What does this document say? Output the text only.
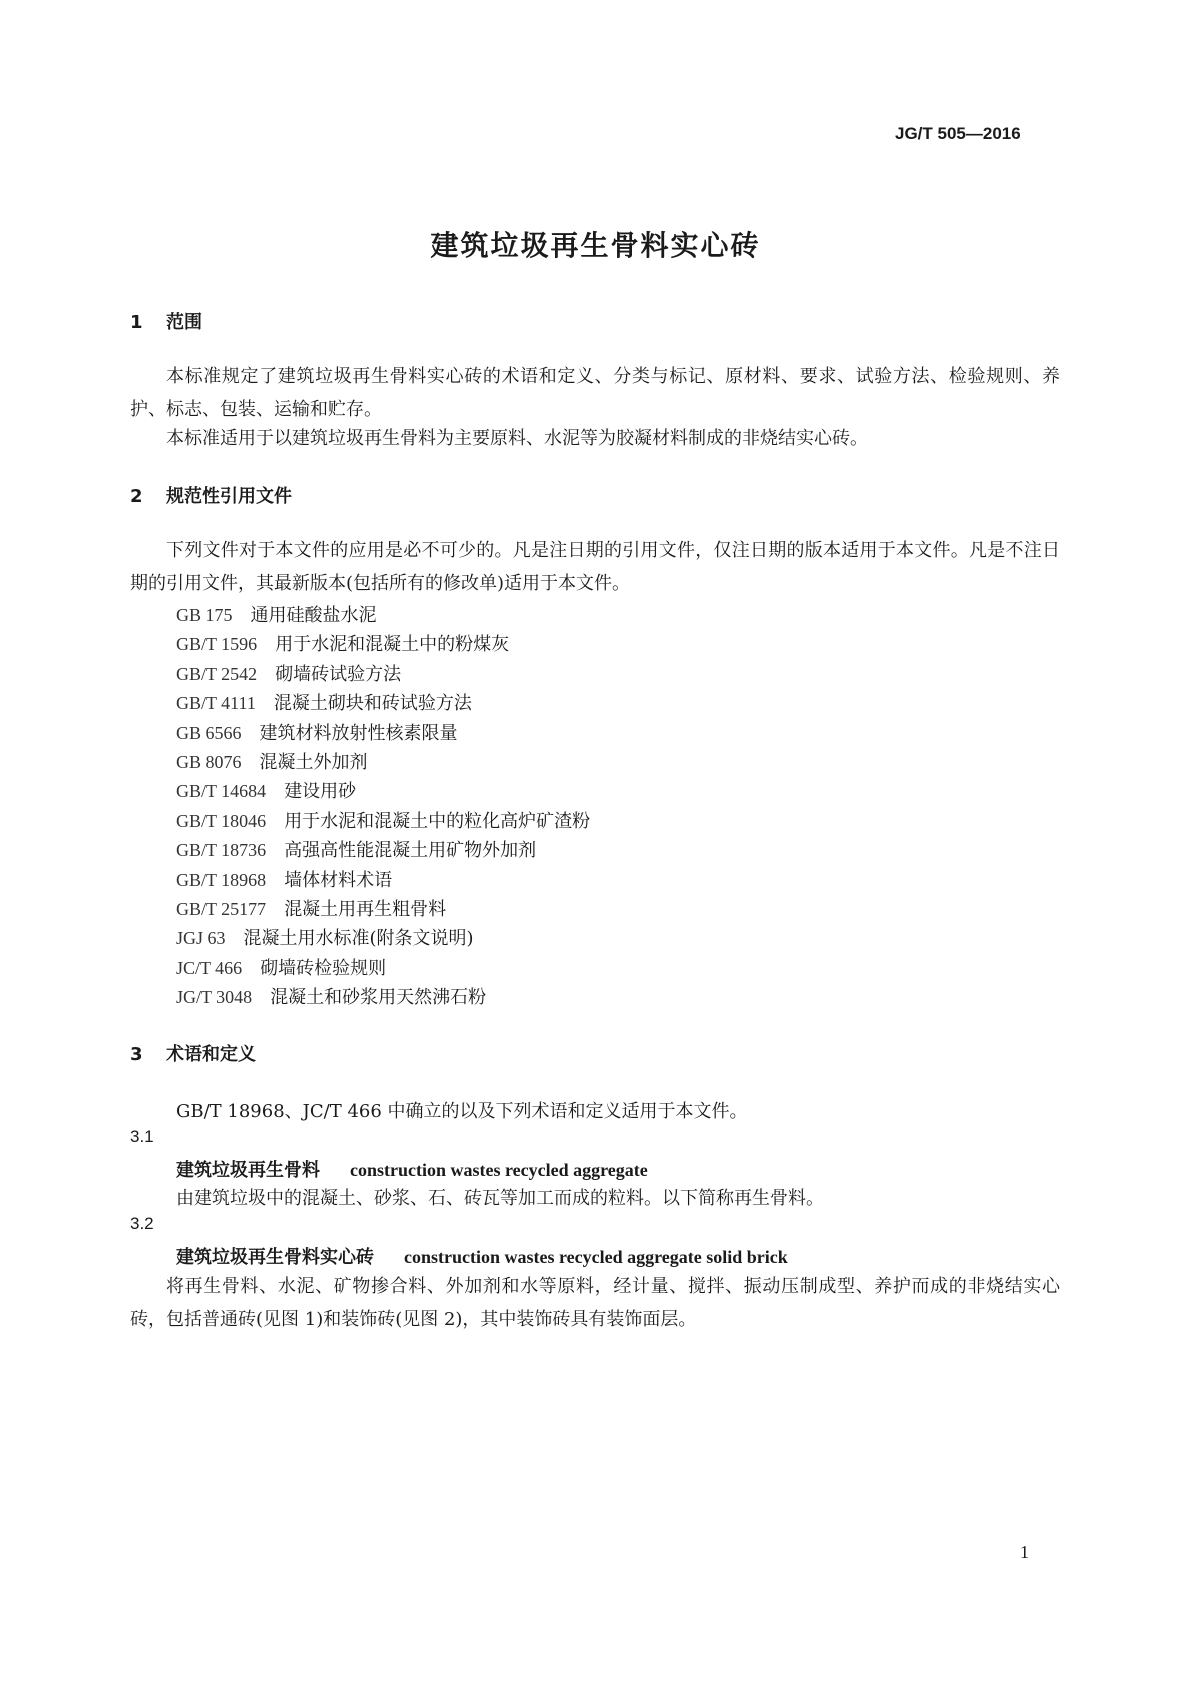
JG/T 505—2016
建筑垃圾再生骨料实心砖
1 范围
本标准规定了建筑垃圾再生骨料实心砖的术语和定义、分类与标记、原材料、要求、试验方法、检验规则、养护、标志、包装、运输和贮存。
本标准适用于以建筑垃圾再生骨料为主要原料、水泥等为胶凝材料制成的非烧结实心砖。
2 规范性引用文件
下列文件对于本文件的应用是必不可少的。凡是注日期的引用文件，仅注日期的版本适用于本文件。凡是不注日期的引用文件，其最新版本(包括所有的修改单)适用于本文件。
GB 175 通用硅酸盐水泥
GB/T 1596 用于水泥和混凝土中的粉煤灰
GB/T 2542 砌墙砖试验方法
GB/T 4111 混凝土砌块和砖试验方法
GB 6566 建筑材料放射性核素限量
GB 8076 混凝土外加剂
GB/T 14684 建设用砂
GB/T 18046 用于水泥和混凝土中的粒化高炉矿渣粉
GB/T 18736 高强高性能混凝土用矿物外加剂
GB/T 18968 墙体材料术语
GB/T 25177 混凝土用再生粗骨料
JGJ 63 混凝土用水标准(附条文说明)
JC/T 466 砌墙砖检验规则
JG/T 3048 混凝土和砂浆用天然沸石粉
3 术语和定义
GB/T 18968、JC/T 466 中确立的以及下列术语和定义适用于本文件。
3.1
建筑垃圾再生骨料 construction wastes recycled aggregate
由建筑垃圾中的混凝土、砂浆、石、砖瓦等加工而成的粒料。以下简称再生骨料。
3.2
建筑垃圾再生骨料实心砖 construction wastes recycled aggregate solid brick
将再生骨料、水泥、矿物掺合料、外加剂和水等原料，经计量、搅拌、振动压制成型、养护而成的非烧结实心砖，包括普通砖(见图 1)和装饰砖(见图 2)，其中装饰砖具有装饰面层。
1
